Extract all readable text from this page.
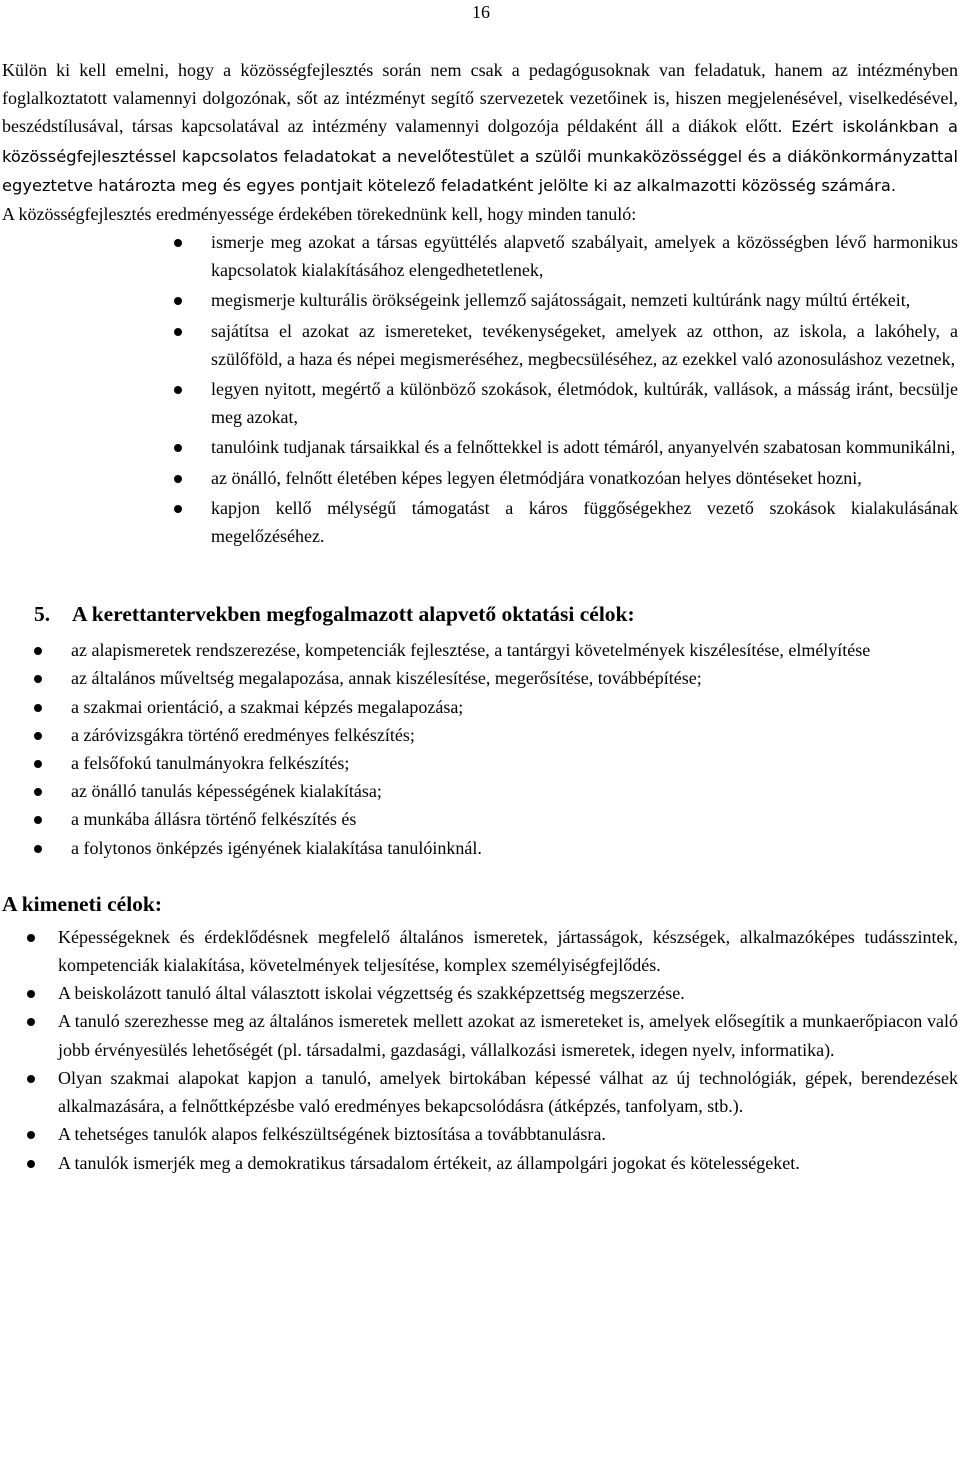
16

Külön ki kell emelni, hogy a közösségfejlesztés során nem csak a pedagógusoknak van feladatuk, hanem az intézményben foglalkoztatott valamennyi dolgozónak, sőt az intézményt segítő szervezetek vezetőinek is, hiszen megjelenésével, viselkedésével, beszédstílusával, társas kapcsolatával az intézmény valamennyi dolgozója példaként áll a diákok előtt. Ezért iskolánkban a közösségfejlesztéssel kapcsolatos feladatokat a nevelőtestület a szülői munkaközösséggel és a diákönkormányzattal egyeztetve határozta meg és egyes pontjait kötelező feladatként jelölte ki az alkalmazotti közösség számára.

A közösségfejlesztés eredményessége érdekében törekednünk kell, hogy minden tanuló:

ismerje meg azokat a társas együttélés alapvető szabályait, amelyek a közösségben lévő harmonikus kapcsolatok kialakításához elengedhetetlenek,
megismerje kulturális örökségeink jellemző sajátosságait, nemzeti kultúránk nagy múltú értékeit,
sajátítsa el azokat az ismereteket, tevékenységeket, amelyek az otthon, az iskola, a lakóhely, a szülőföld, a haza és népei megismeréséhez, megbecsüléséhez, az ezekkel való azonosuláshoz vezetnek,
legyen nyitott, megértő a különböző szokások, életmódok, kultúrák, vallások, a másság iránt, becsülje meg azokat,
tanulóink tudjanak társaikkal és a felnőttekkel is adott témáról, anyanyelvén szabatosan kommunikálni,
az önálló, felnőtt életében képes legyen életmódjára vonatkozóan helyes döntéseket hozni,
kapjon kellő mélységű támogatást a káros függőségekhez vezető szokások kialakulásának megelőzéséhez.
5. A kerettantervekben megfogalmazott alapvető oktatási célok:
az alapismeretek rendszerezése, kompetenciák fejlesztése, a tantárgyi követelmények kiszélesítése, elmélyítése
az általános műveltség megalapozása, annak kiszélesítése, megerősítése, továbbépítése;
a szakmai orientáció, a szakmai képzés megalapozása;
a záróvizsgákra történő eredményes felkészítés;
a felsőfokú tanulmányokra felkészítés;
az önálló tanulás képességének kialakítása;
a munkába állásra történő felkészítés és
a folytonos önképzés igényének kialakítása tanulóinknál.
A kimeneti célok:
Képességeknek és érdeklődésnek megfelelő általános ismeretek, jártasságok, készségek, alkalmazóképes tudásszintek, kompetenciák kialakítása, követelmények teljesítése, komplex személyiségfejlődés.
A beiskolázott tanuló által választott iskolai végzettség és szakképzettség megszerzése.
A tanuló szerezhesse meg az általános ismeretek mellett azokat az ismereteket is, amelyek elősegítik a munkaerőpiacon való jobb érvényesülés lehetőségét (pl. társadalmi, gazdasági, vállalkozási ismeretek, idegen nyelv, informatika).
Olyan szakmai alapokat kapjon a tanuló, amelyek birtokában képessé válhat az új technológiák, gépek, berendezések alkalmazására, a felnőttképzésbe való eredményes bekapcsolódásra (átképzés, tanfolyam, stb.).
A tehetséges tanulók alapos felkészültségének biztosítása a továbbtanulásra.
A tanulók ismerjék meg a demokratikus társadalom értékeit, az állampolgári jogokat és kötelességeket.
